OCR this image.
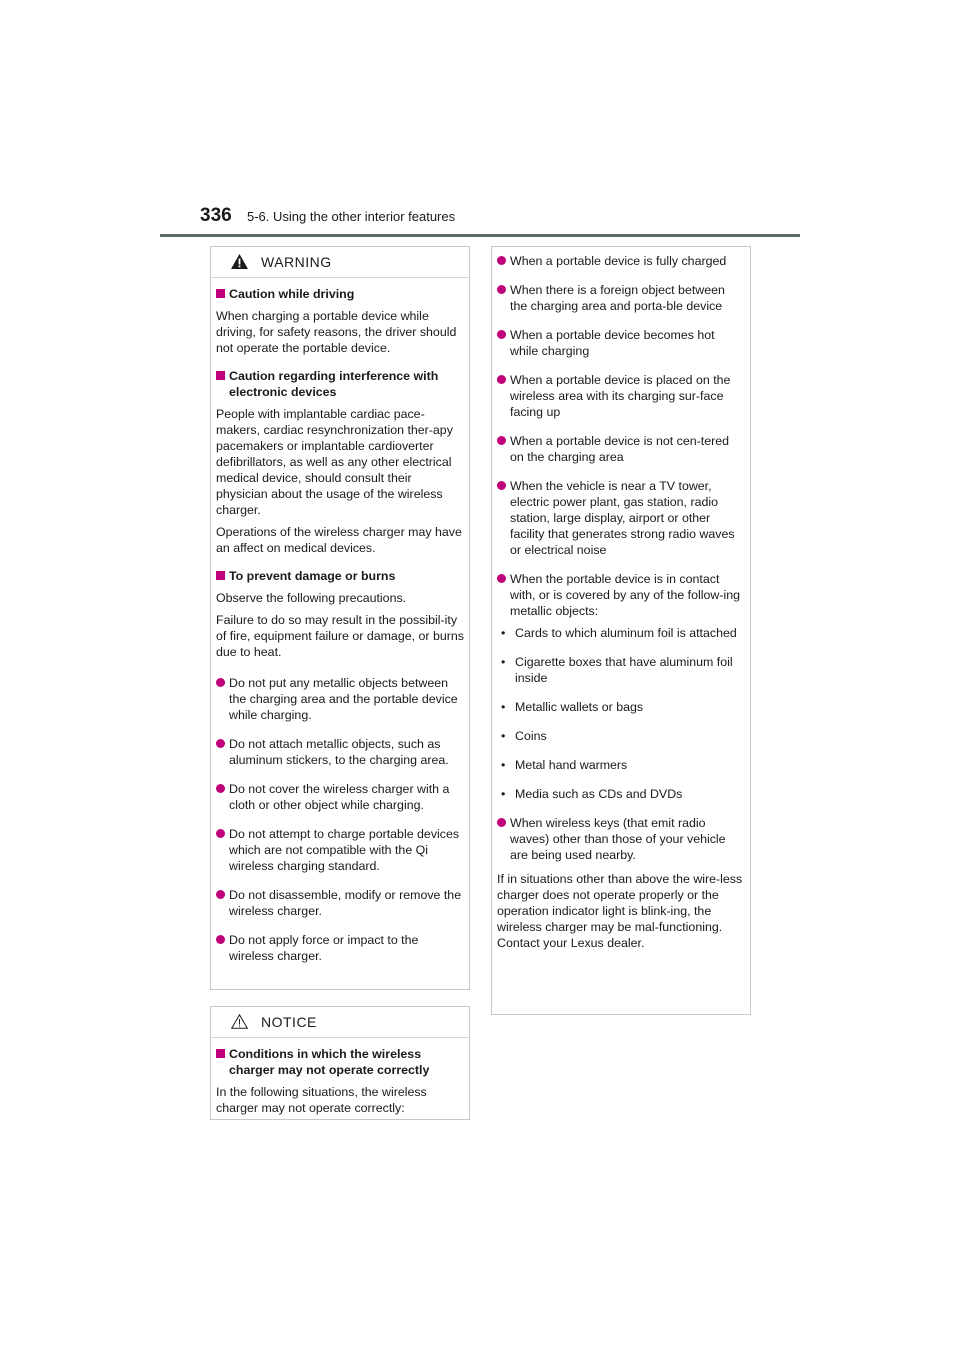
336 5-6. Using the other interior features
WARNING
Caution while driving

When charging a portable device while driving, for safety reasons, the driver should not operate the portable device.

Caution regarding interference with electronic devices

People with implantable cardiac pace-makers, cardiac resynchronization ther-apy pacemakers or implantable cardioverter defibrillators, as well as any other electrical medical device, should consult their physician about the usage of the wireless charger.

Operations of the wireless charger may have an affect on medical devices.

To prevent damage or burns

Observe the following precautions.

Failure to do so may result in the possibil-ity of fire, equipment failure or damage, or burns due to heat.

Do not put any metallic objects between the charging area and the portable device while charging.
Do not attach metallic objects, such as aluminum stickers, to the charging area.
Do not cover the wireless charger with a cloth or other object while charging.
Do not attempt to charge portable devices which are not compatible with the Qi wireless charging standard.
Do not disassemble, modify or remove the wireless charger.
Do not apply force or impact to the wireless charger.
NOTICE
Conditions in which the wireless charger may not operate correctly

In the following situations, the wireless charger may not operate correctly:

When a portable device is fully charged
When there is a foreign object between the charging area and porta-ble device
When a portable device becomes hot while charging
When a portable device is placed on the wireless area with its charging sur-face facing up
When a portable device is not cen-tered on the charging area
When the vehicle is near a TV tower, electric power plant, gas station, radio station, large display, airport or other facility that generates strong radio waves or electrical noise
When the portable device is in contact with, or is covered by any of the follow-ing metallic objects:
• Cards to which aluminum foil is attached
• Cigarette boxes that have aluminum foil inside
• Metallic wallets or bags
• Coins
• Metal hand warmers
• Media such as CDs and DVDs
When wireless keys (that emit radio waves) other than those of your vehicle are being used nearby.

If in situations other than above the wire-less charger does not operate properly or the operation indicator light is blink-ing, the wireless charger may be mal-functioning. Contact your Lexus dealer.
